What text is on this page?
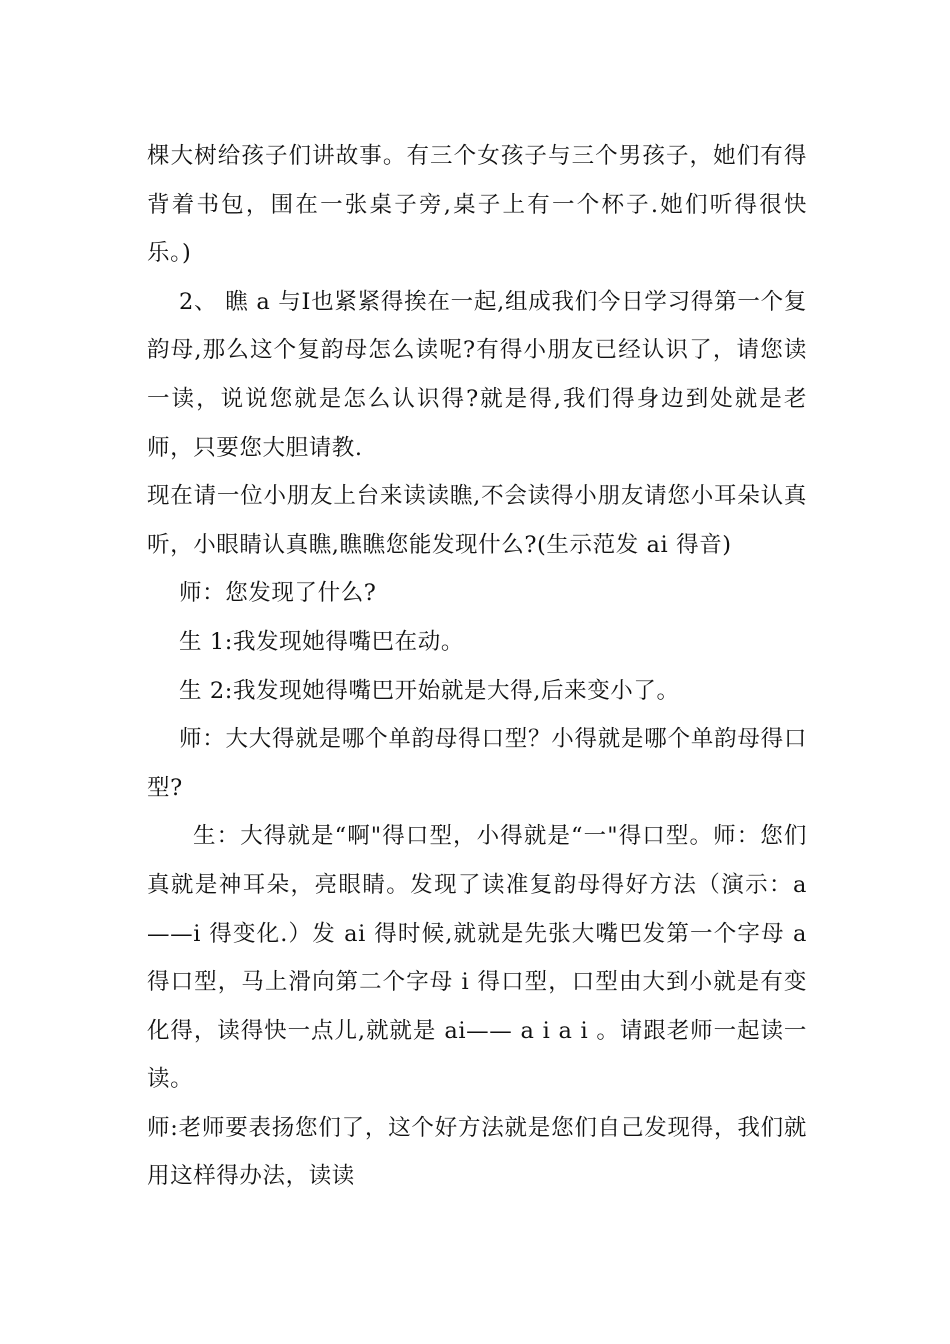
棵大树给孩子们讲故事。有三个女孩子与三个男孩子，她们有得背着书包，围在一张桌子旁,桌子上有一个杯子.她们听得很快乐。)

2、 瞧 a 与Ⅰ也紧紧得挨在一起,组成我们今日学习得第一个复韵母,那么这个复韵母怎么读呢?有得小朋友已经认识了，请您读一读，说说您就是怎么认识得?就是得,我们得身边到处就是老师，只要您大胆请教.

现在请一位小朋友上台来读读瞧,不会读得小朋友请您小耳朵认真听，小眼睛认真瞧,瞧瞧您能发现什么?(生示范发 ai 得音)

师：您发现了什么?

生 1:我发现她得嘴巴在动。

生 2:我发现她得嘴巴开始就是大得,后来变小了。

师：大大得就是哪个单韵母得口型？小得就是哪个单韵母得口型?

生：大得就是“啊"得口型，小得就是“一"得口型。师：您们真就是神耳朵，亮眼睛。发现了读准复韵母得好方法（演示：a——i 得变化.）发 ai 得时候,就就是先张大嘴巴发第一个字母 a 得口型，马上滑向第二个字母 i 得口型，口型由大到小就是有变化得，读得快一点儿,就就是 ai—— a i a i 。请跟老师一起读一读。

师:老师要表扬您们了，这个好方法就是您们自己发现得，我们就用这样得办法，读读
